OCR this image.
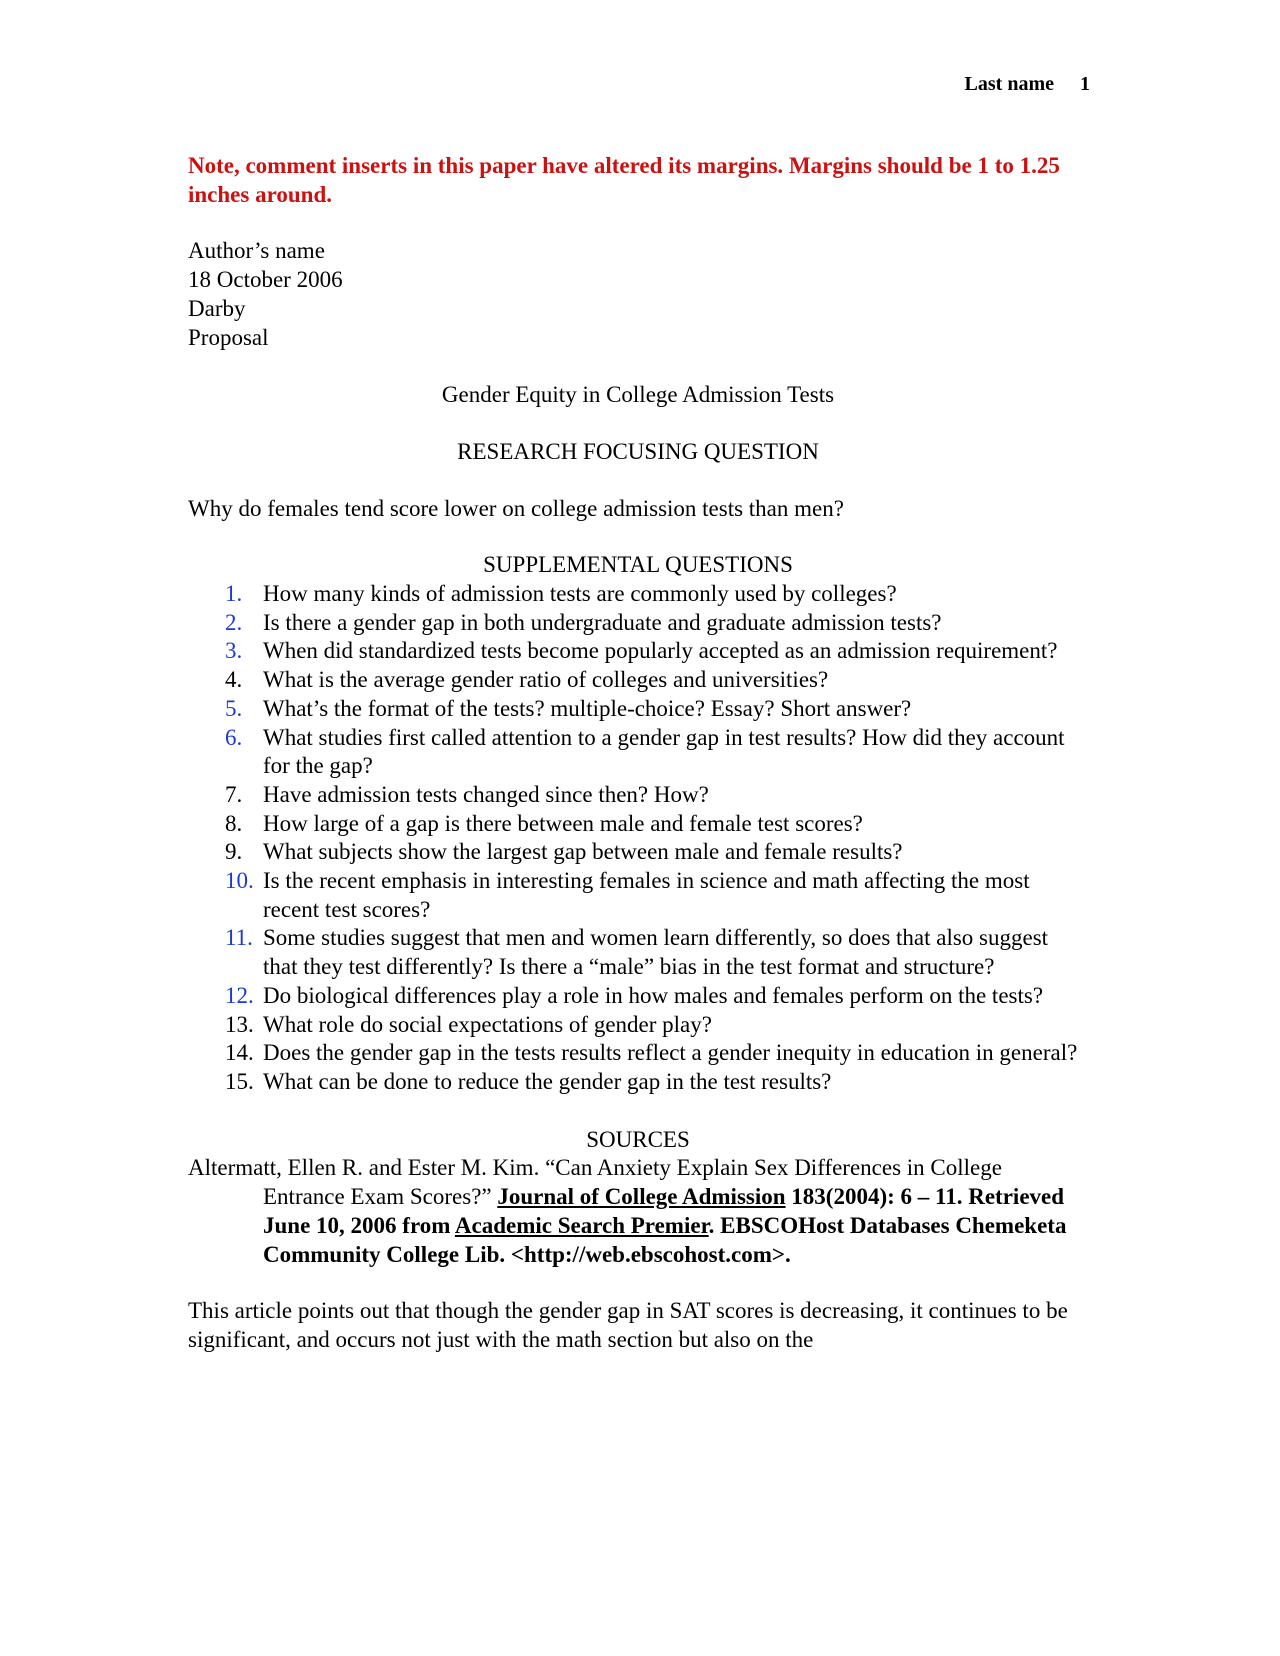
Last name 1

Note, comment inserts in this paper have altered its margins. Margins should be 1 to 1.25 inches around.

Author’s name
18 October 2006
Darby
Proposal
Gender Equity in College Admission Tests
RESEARCH FOCUSING QUESTION
Why do females tend score lower on college admission tests than men?
SUPPLEMENTAL QUESTIONS
1. How many kinds of admission tests are commonly used by colleges?
2. Is there a gender gap in both undergraduate and graduate admission tests?
3. When did standardized tests become popularly accepted as an admission requirement?
4. What is the average gender ratio of colleges and universities?
5. What’s the format of the tests? multiple-choice? Essay? Short answer?
6. What studies first called attention to a gender gap in test results? How did they account for the gap?
7. Have admission tests changed since then? How?
8. How large of a gap is there between male and female test scores?
9. What subjects show the largest gap between male and female results?
10. Is the recent emphasis in interesting females in science and math affecting the most recent test scores?
11. Some studies suggest that men and women learn differently, so does that also suggest that they test differently? Is there a “male” bias in the test format and structure?
12. Do biological differences play a role in how males and females perform on the tests?
13. What role do social expectations of gender play?
14. Does the gender gap in the tests results reflect a gender inequity in education in general?
15. What can be done to reduce the gender gap in the test results?
SOURCES
Altermatt, Ellen R. and Ester M. Kim. “Can Anxiety Explain Sex Differences in College Entrance Exam Scores?” Journal of College Admission 183(2004): 6 – 11. Retrieved June 10, 2006 from Academic Search Premier. EBSCOHost Databases Chemeketa Community College Lib. <http://web.ebscohost.com>.
This article points out that though the gender gap in SAT scores is decreasing, it continues to be significant, and occurs not just with the math section but also on the
